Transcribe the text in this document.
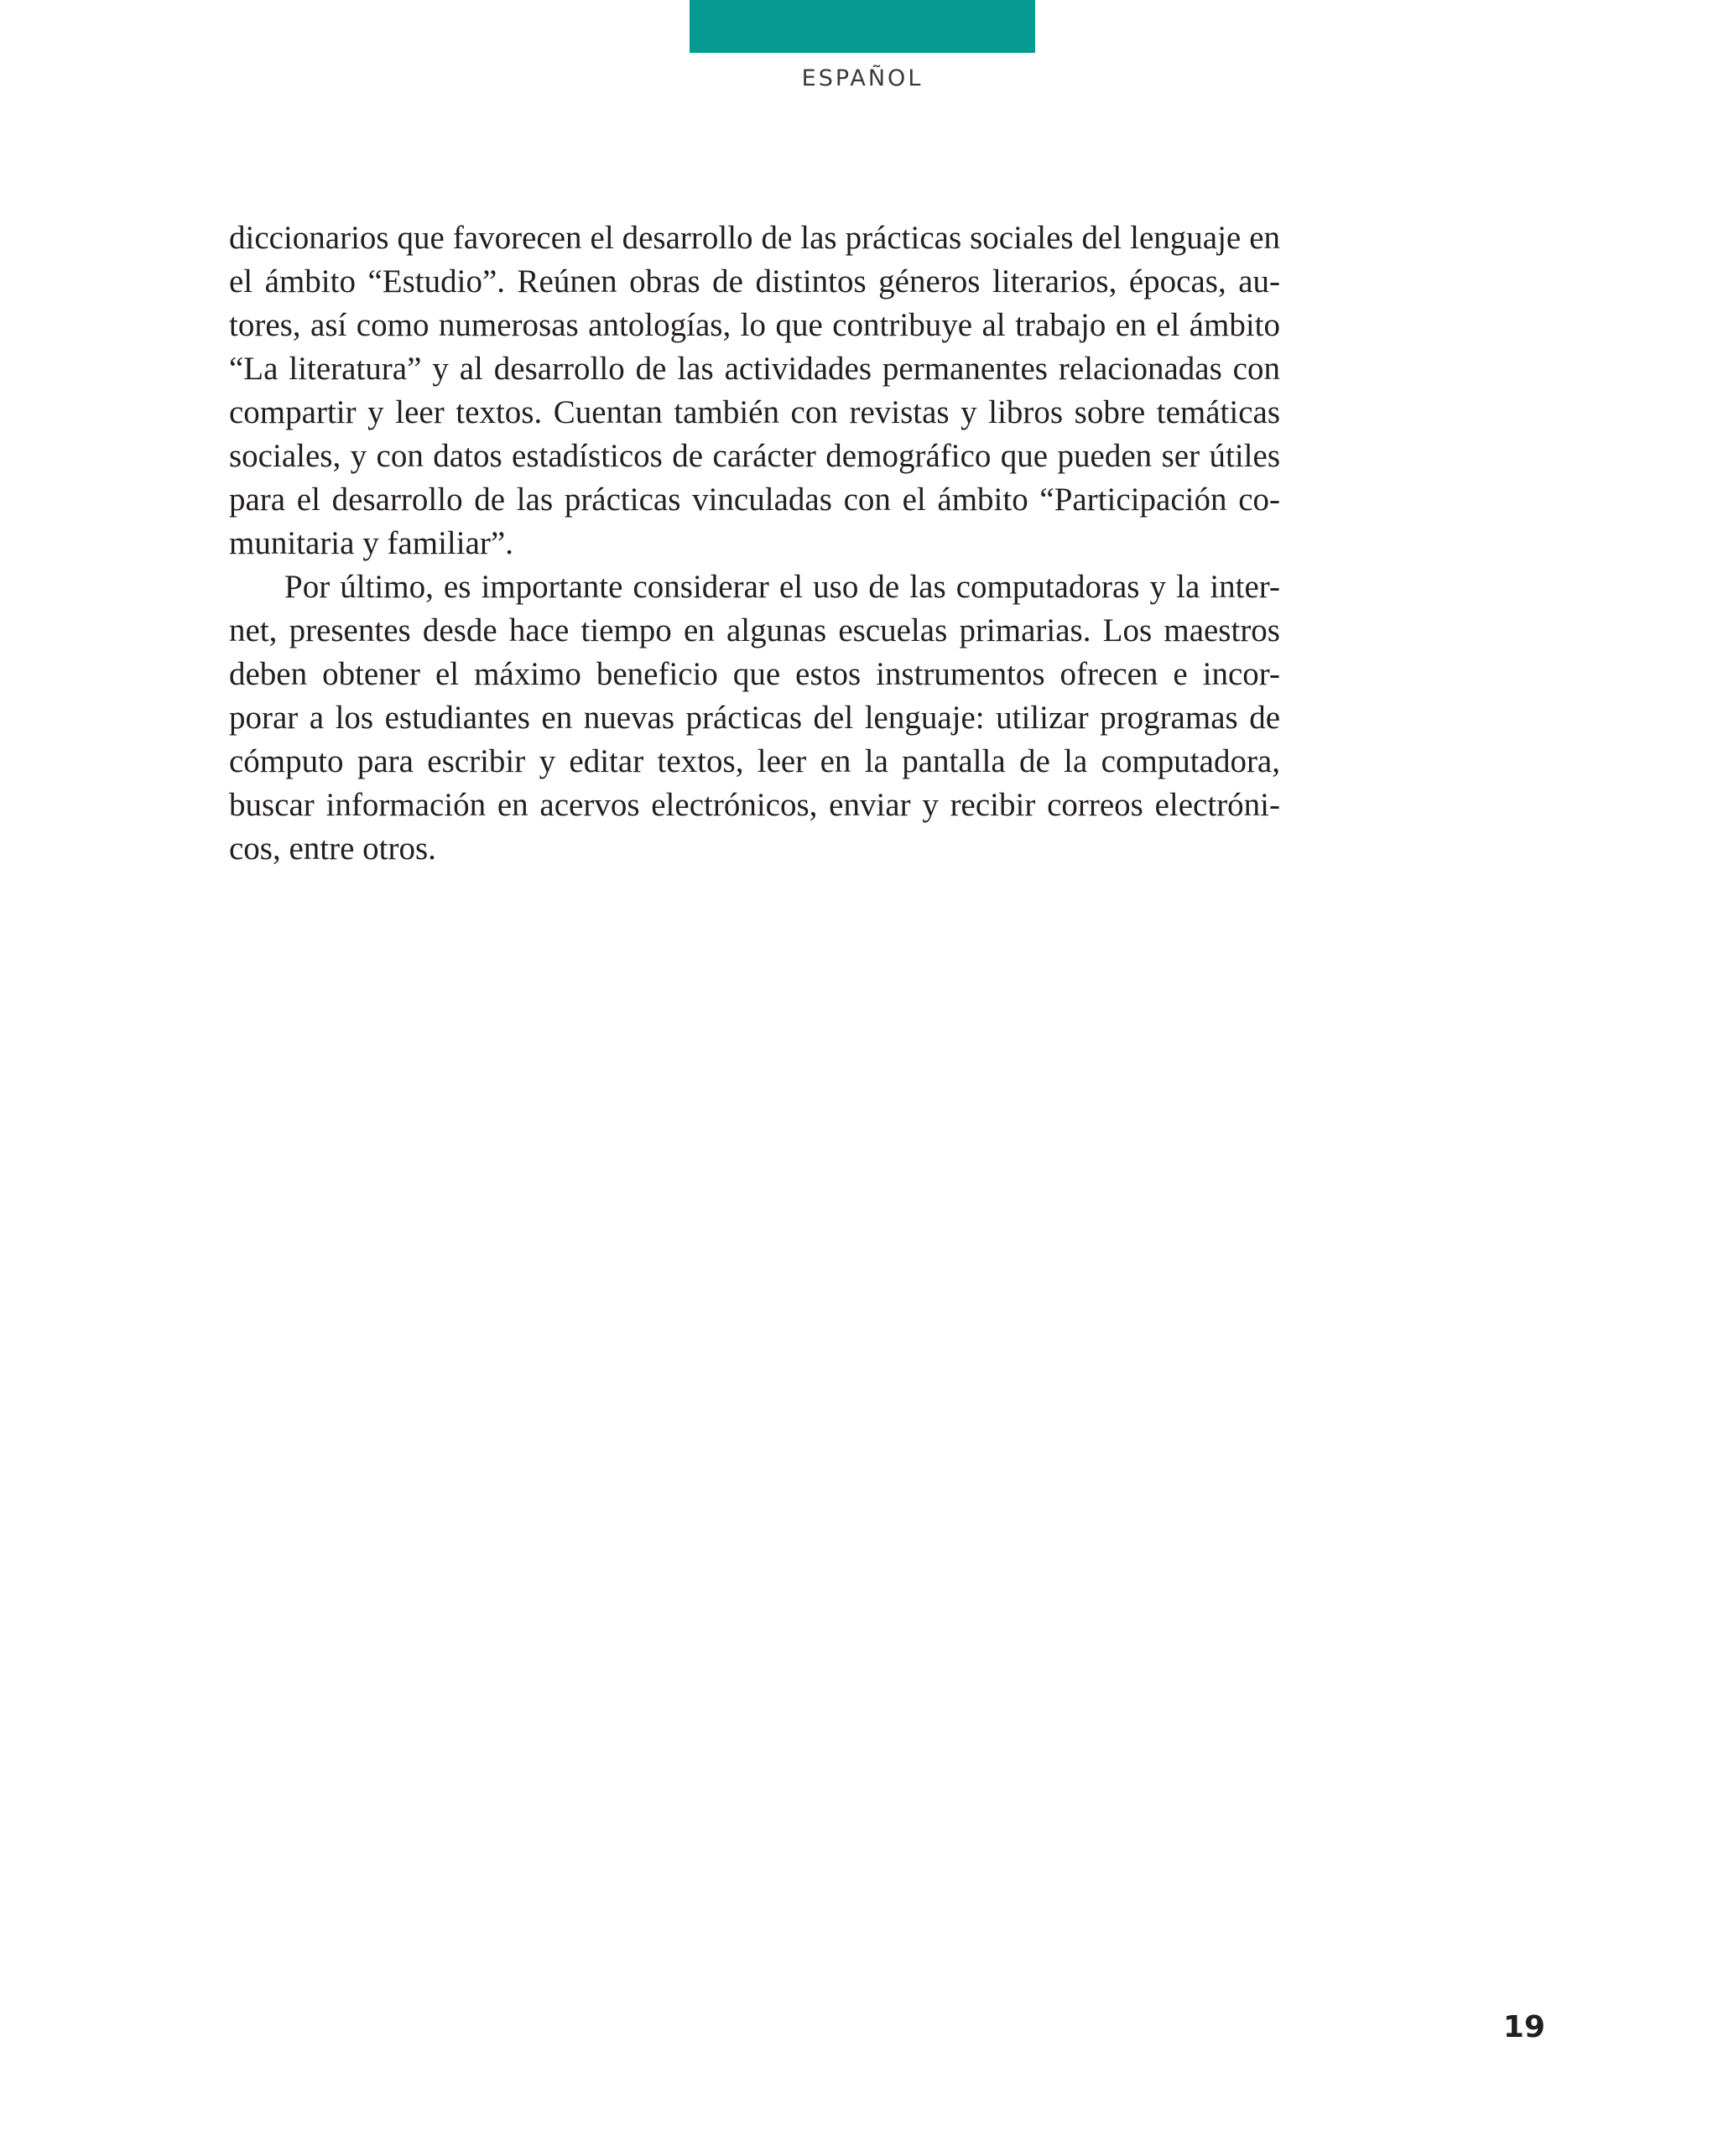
ESPAÑOL
diccionarios que favorecen el desarrollo de las prácticas sociales del lenguaje en
el ámbito “Estudio”. Reúnen obras de distintos géneros literarios, épocas, au-
tores, así como numerosas antologías, lo que contribuye al trabajo en el ámbito
“La literatura” y al desarrollo de las actividades permanentes relacionadas con
compartir y leer textos. Cuentan también con revistas y libros sobre temáticas
sociales, y con datos estadísticos de carácter demográfico que pueden ser útiles
para el desarrollo de las prácticas vinculadas con el ámbito “Participación co-
munitaria y familiar”.
Por último, es importante considerar el uso de las computadoras y la inter-
net, presentes desde hace tiempo en algunas escuelas primarias. Los maestros
deben obtener el máximo beneficio que estos instrumentos ofrecen e incor-
porar a los estudiantes en nuevas prácticas del lenguaje: utilizar programas de
cómputo para escribir y editar textos, leer en la pantalla de la computadora,
buscar información en acervos electrónicos, enviar y recibir correos electróni-
cos, entre otros.
19
